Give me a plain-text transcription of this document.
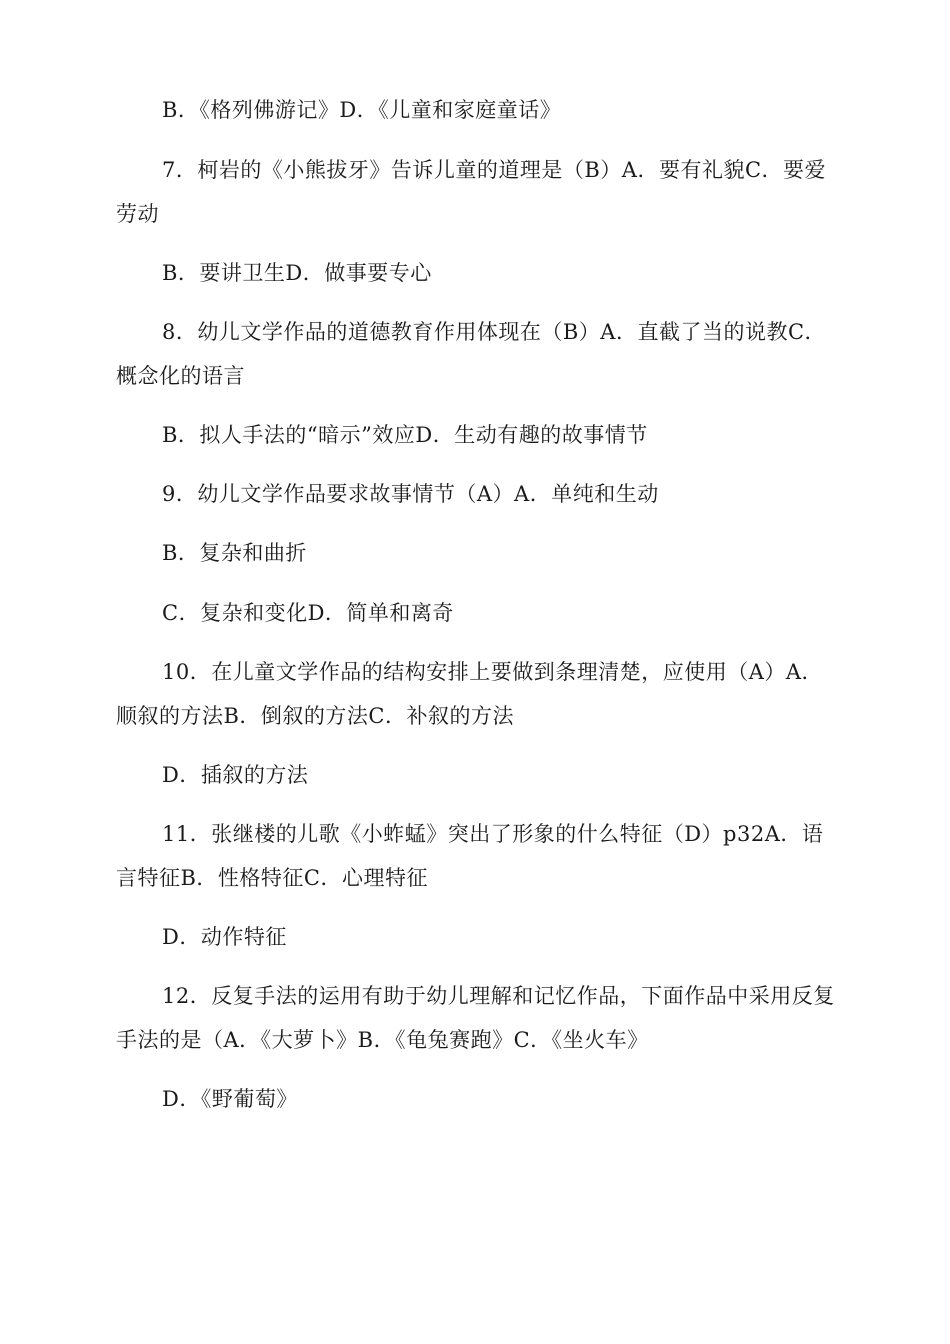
B．《格列佛游记》D．《儿童和家庭童话》

7．柯岩的《小熊拔牙》告诉儿童的道理是（B）A．要有礼貌C．要爱劳动

B．要讲卫生D．做事要专心

8．幼儿文学作品的道德教育作用体现在（B）A．直截了当的说教C．概念化的语言

B．拟人手法的“暗示”效应D．生动有趣的故事情节

9．幼儿文学作品要求故事情节（A）A．单纯和生动

B．复杂和曲折

C．复杂和变化D．简单和离奇

10．在儿童文学作品的结构安排上要做到条理清楚，应使用（A）A．顺叙的方法B．倒叙的方法C．补叙的方法

D．插叙的方法

11．张继楼的儿歌《小蚱蜢》突出了形象的什么特征（D）p32A．语言特征B．性格特征C．心理特征

D．动作特征

12．反复手法的运用有助于幼儿理解和记忆作品，下面作品中采用反复手法的是（A．《大萝卜》B．《龟兔赛跑》C．《坐火车》

D．《野葡萄》
